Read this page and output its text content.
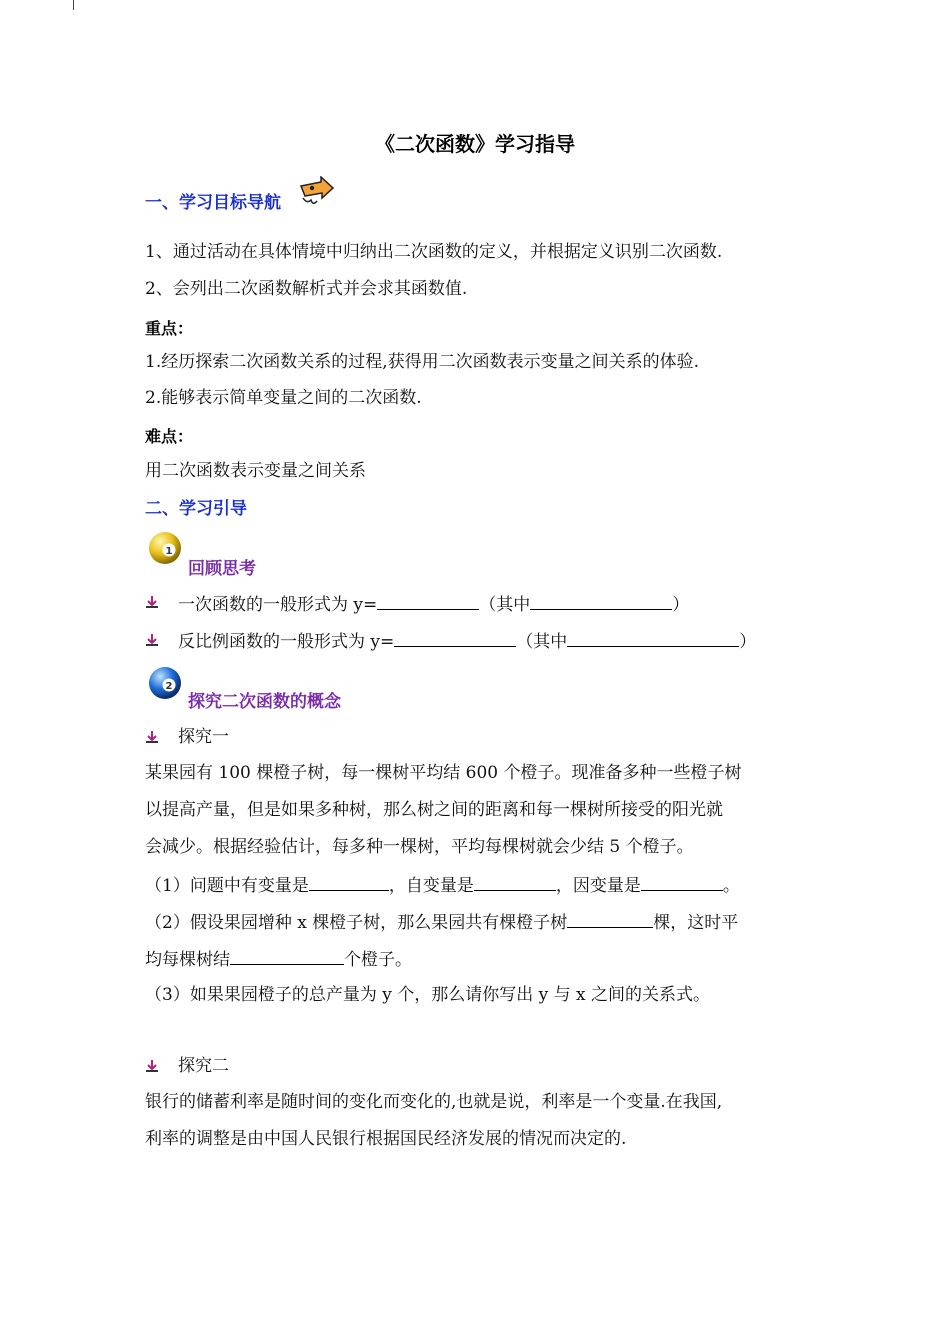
《二次函数》学习指导
一、学习目标导航
1、通过活动在具体情境中归纳出二次函数的定义，并根据定义识别二次函数.
2、会列出二次函数解析式并会求其函数值.
重点：
1.经历探索二次函数关系的过程,获得用二次函数表示变量之间关系的体验.
2.能够表示简单变量之间的二次函数.
难点：
用二次函数表示变量之间关系
二、学习引导
1
回顾思考
一次函数的一般形式为 y=	（其中	）
反比例函数的一般形式为 y=	（其中	）
2
探究二次函数的概念
探究一
某果园有 100 棵橙子树，每一棵树平均结 600 个橙子。现准备多种一些橙子树
以提高产量，但是如果多种树，那么树之间的距离和每一棵树所接受的阳光就
会减少。根据经验估计，每多种一棵树，平均每棵树就会少结 5 个橙子。
（1）问题中有变量是	，自变量是	，因变量是	。
（2）假设果园增种 x 棵橙子树，那么果园共有棵橙子树	棵，这时平
均每棵树结	个橙子。
（3）如果果园橙子的总产量为 y 个，那么请你写出 y 与 x 之间的关系式。
探究二
银行的储蓄利率是随时间的变化而变化的,也就是说，利率是一个变量.在我国,
利率的调整是由中国人民银行根据国民经济发展的情况而决定的.
